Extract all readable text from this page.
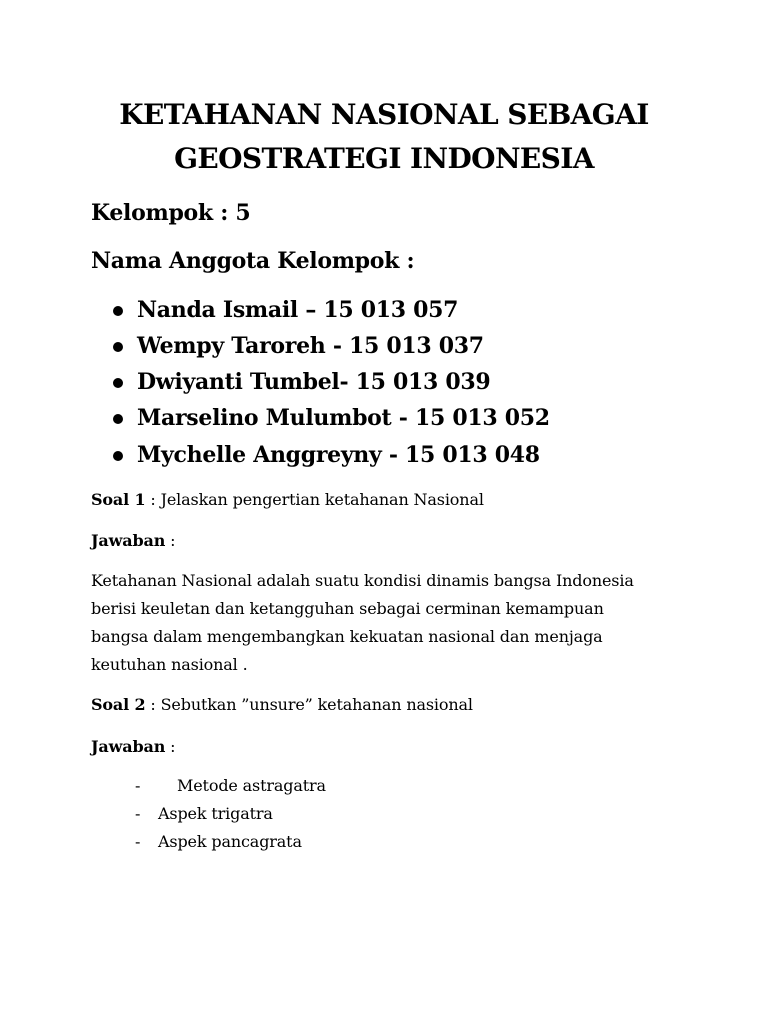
KETAHANAN NASIONAL SEBAGAI
GEOSTRATEGI INDONESIA
Kelompok : 5
Nama Anggota Kelompok :
Nanda Ismail – 15 013 057
Wempy Taroreh - 15 013 037
Dwiyanti Tumbel- 15 013 039
Marselino Mulumbot - 15 013 052
Mychelle Anggreyny - 15 013 048
Soal 1 : Jelaskan pengertian ketahanan Nasional
Jawaban :
Ketahanan Nasional adalah suatu kondisi dinamis bangsa Indonesia berisi keuletan dan ketangguhan sebagai cerminan kemampuan bangsa dalam mengembangkan kekuatan nasional dan menjaga keutuhan nasional .
Soal 2 : Sebutkan ”unsure” ketahanan nasional
Jawaban :
- Metode astragatra
- Aspek trigatra
- Aspek pancagrata
